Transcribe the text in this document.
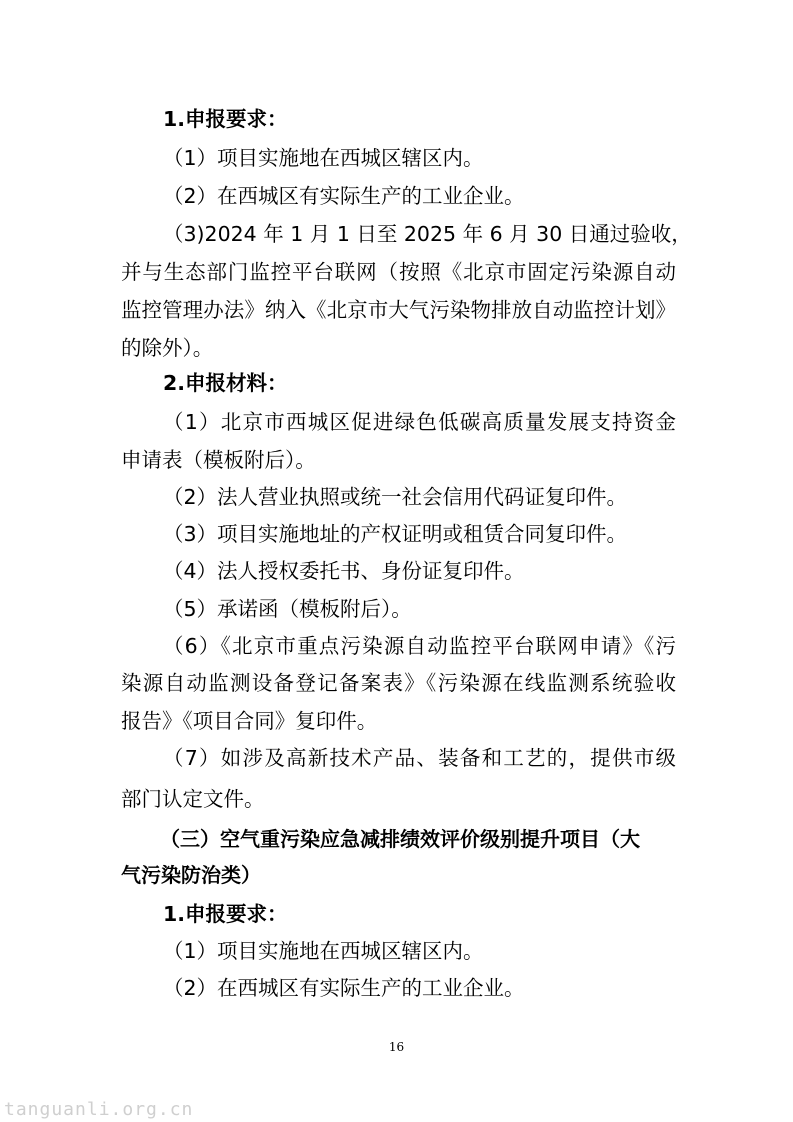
1.申报要求：

（1）项目实施地在西城区辖区内。

（2）在西城区有实际生产的工业企业。

（3)2024 年 1 月 1 日至 2025 年 6 月 30 日通过验收，

并与生态部门监控平台联网（按照《北京市固定污染源自动

监控管理办法》纳入《北京市大气污染物排放自动监控计划》

的除外）。

2.申报材料：

（1）北京市西城区促进绿色低碳高质量发展支持资金

申请表（模板附后）。

（2）法人营业执照或统一社会信用代码证复印件。

（3）项目实施地址的产权证明或租赁合同复印件。

（4）法人授权委托书、身份证复印件。

（5）承诺函（模板附后）。

（6）《北京市重点污染源自动监控平台联网申请》《污

染源自动监测设备登记备案表》《污染源在线监测系统验收

报告》《项目合同》复印件。

（7）如涉及高新技术产品、装备和工艺的，提供市级

部门认定文件。

（三）空气重污染应急减排绩效评价级别提升项目（大

气污染防治类）

1.申报要求：

（1）项目实施地在西城区辖区内。

（2）在西城区有实际生产的工业企业。

16
tanguanli.org.cn
